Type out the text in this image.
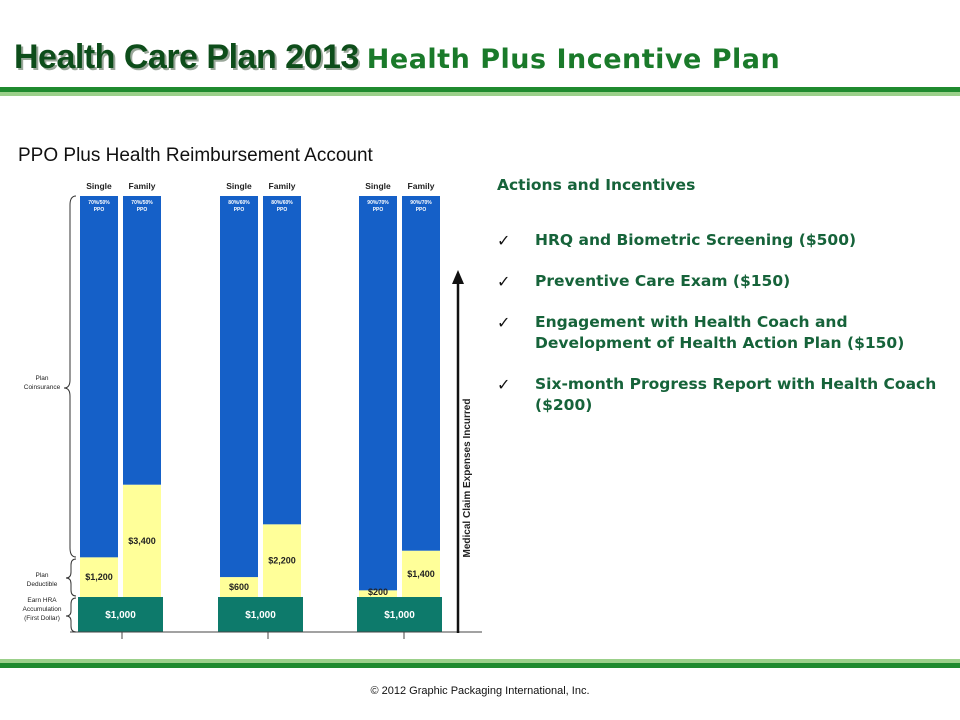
Health Care Plan 2013 Health Plus Incentive Plan
PPO Plus Health Reimbursement Account
$1,000
Single
70%/50%
PPO
$1,200
Family
70%/50%
PPO
$3,400
$1,000
Single
80%/60%
PPO
$600
Family
80%/60%
PPO
$2,200
$1,000
Single
90%/70%
PPO
$200
Family
90%/70%
PPO
$1,400
Plan
Coinsurance
Plan
Deductible
Earn HRA
Accumulation
(First Dollar)
Medical Claim Expenses Incurred
Actions and Incentives
✓	HRQ and Biometric Screening ($500)
✓	Preventive Care Exam ($150)
✓	Engagement with Health Coach and Development of Health Action Plan ($150)
✓	Six-month Progress Report with Health Coach ($200)
© 2012 Graphic Packaging International, Inc.
